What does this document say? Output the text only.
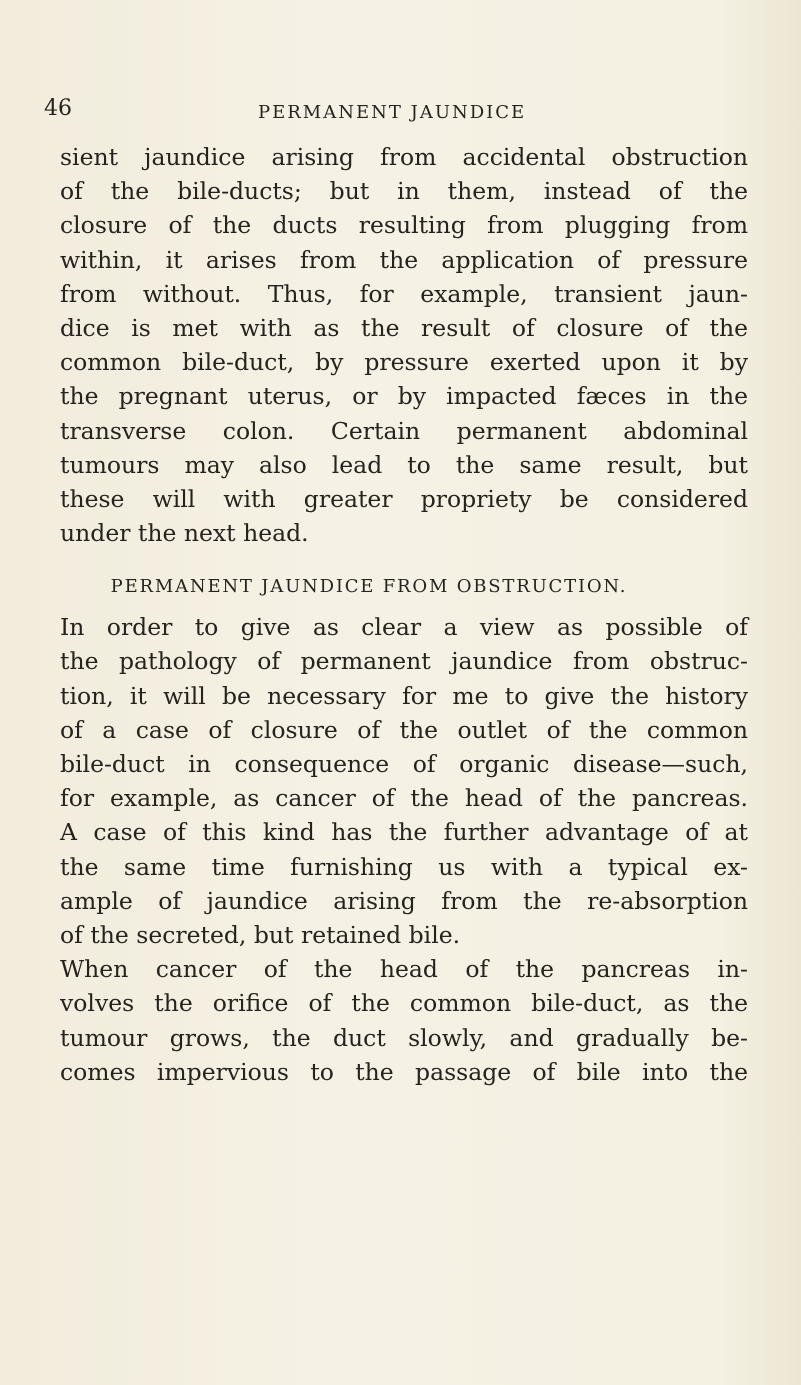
46	PERMANENT JAUNDICE
sient jaundice arising from accidental obstruction
of the bile-ducts; but in them, instead of the
closure of the ducts resulting from plugging from
within, it arises from the application of pressure
from without. Thus, for example, transient jaun-
dice is met with as the result of closure of the
common bile-duct, by pressure exerted upon it by
the pregnant uterus, or by impacted fæces in the
transverse colon. Certain permanent abdominal
tumours may also lead to the same result, but
these will with greater propriety be considered
under the next head.
PERMANENT JAUNDICE FROM OBSTRUCTION.
In order to give as clear a view as possible of
the pathology of permanent jaundice from obstruc-
tion, it will be necessary for me to give the history
of a case of closure of the outlet of the common
bile-duct in consequence of organic disease—such,
for example, as cancer of the head of the pancreas.
A case of this kind has the further advantage of at
the same time furnishing us with a typical ex-
ample of jaundice arising from the re-absorption
of the secreted, but retained bile.
When cancer of the head of the pancreas in-
volves the orifice of the common bile-duct, as the
tumour grows, the duct slowly, and gradually be-
comes impervious to the passage of bile into the
